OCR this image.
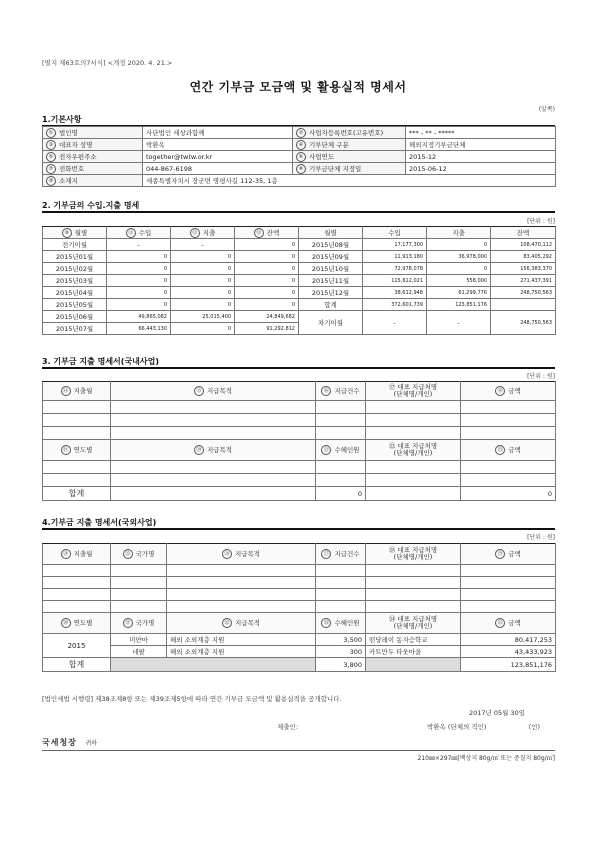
[별지 제63호의7서식] <개정 2020. 4. 21.>
연간 기부금 모금액 및 활용실적 명세서
(앞쪽)
1.기본사항
① 법인명	사단법인 세상과함께	② 사업자등록번호(고유번호)	*** - ** - *****
③ 대표자 성명	박환옥	④ 기부단체 구분	해외지정기부금단체
⑤ 전자우편주소	together@twtw.or.kr	⑥ 사업연도	2015-12
⑦ 전화번호	044-867-6198	⑧ 기부금단체 지정일	2015-06-12
⑨ 소재지	세종특별자치시 장군면 명평사길 112-35, 1층		
2. 기부금의 수입.지출 명세
[단위 : 원]
⑩ 월별	⑪ 수입	⑫ 지출	⑬ 잔액	월별	수입	지출	잔액
전기이월	-	-	0	2015년08월	17,177,300	0	108,470,112
2015년01월	0	0	0	2015년09월	11,913,180	36,978,000	83,405,292
2015년02월	0	0	0	2015년10월	72,978,078	0	156,383,370
2015년03월	0	0	0	2015년11월	115,612,021	558,000	271,437,391
2015년04월	0	0	0	2015년12월	38,612,948	61,299,776	248,750,563
2015년05월	0	0	0	합계	372,601,739	123,851,176	
2015년06월	49,865,082	25,015,400	24,849,682	차기이월	-	-	248,750,563
2015년07월	66,443,130	0	91,292,812				
3. 기부금 지출 명세서(국내사업)
[단위 : 원]
⑭ 지출월	⑮ 지급목적	⑯ 지급건수	⑰ 대표 지급처명
(단체명/개인)	⑱ 금액

⑲ 연도별	⑳ 지급목적	㉑ 수혜인원	㉒ 대표 지급처명
(단체명/개인)	㉓ 금액

합계		0		0
4.기부금 지출 명세서(국외사업)
[단위 : 원]
㉔ 지출월	㉕ 국가명	㉖ 지급목적	㉗ 지급건수	㉘ 대표 지급처명
(단체명/개인)	㉙ 금액

㉚ 연도별	㉛ 국가명	㉜ 지급목적	㉝ 수혜인원	㉞ 대표 지급처명
(단체명/개인)	㉟ 금액
2015	미얀마	해외 소외계층 지원	3,500	떤당레이 동자승학교	80,417,253
	네팔	해외 소외계층 지원	300	카트만두 타웃마을	43,433,923
합계			3,800		123,851,176
[법인세법 시행령] 제38조제8항 또는 제39조제5항에 따라 연간 기부금 모금액 및 활용실적을 공개합니다.
2017년 05월 30일
제출인:	박환옥 (단체의 직인)	(인)
국세청장 귀하
210㎜×297㎜[백상지 80g/㎡ 또는 중질지 80g/㎡]
